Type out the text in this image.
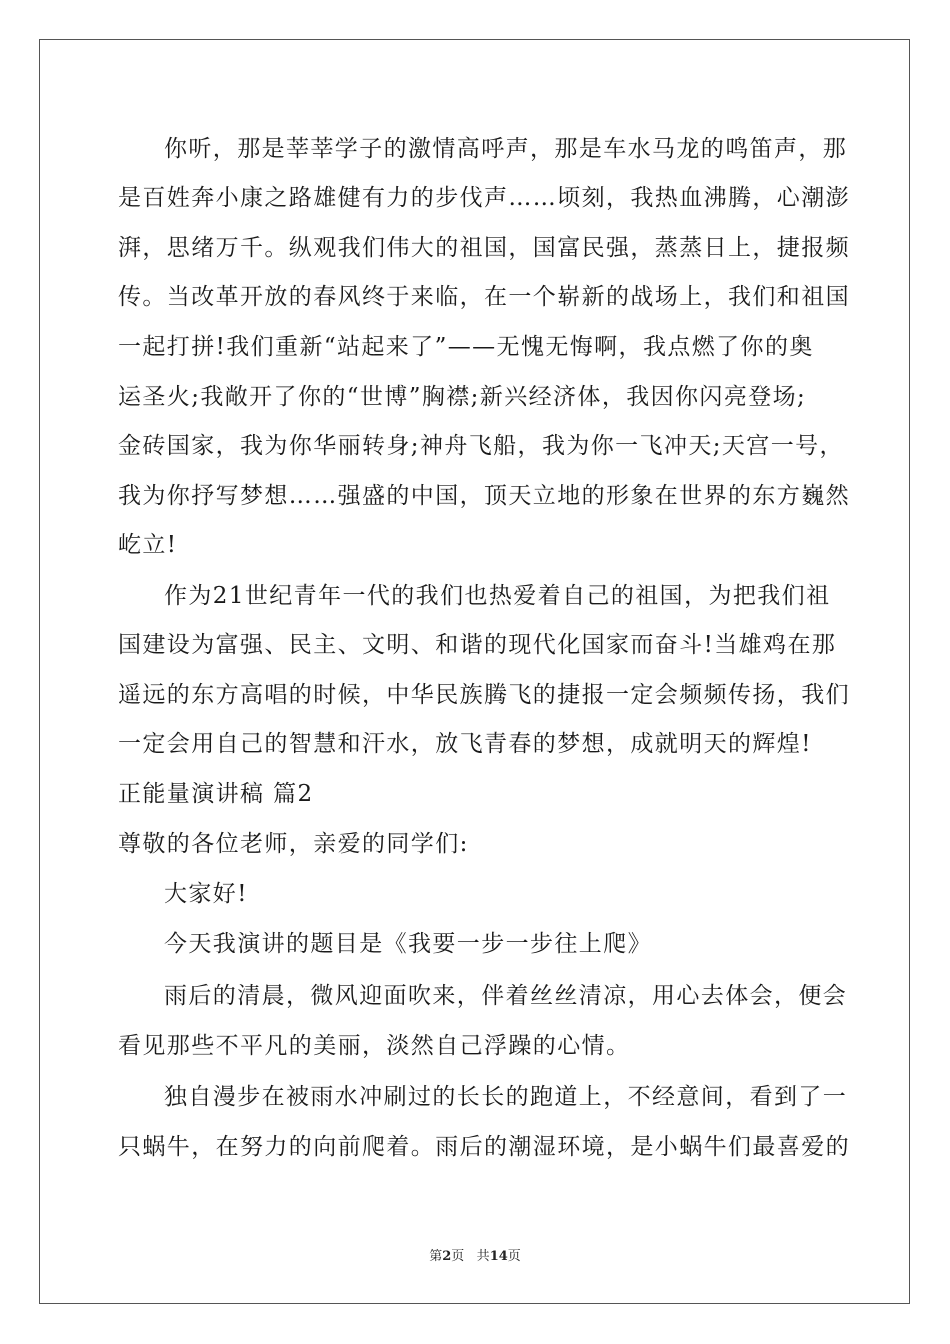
你听，那是莘莘学子的激情高呼声，那是车水马龙的鸣笛声，那
是百姓奔小康之路雄健有力的步伐声……顷刻，我热血沸腾，心潮澎
湃，思绪万千。纵观我们伟大的祖国，国富民强，蒸蒸日上，捷报频
传。当改革开放的春风终于来临，在一个崭新的战场上，我们和祖国
一起打拼!我们重新“站起来了”——无愧无悔啊，我点燃了你的奥
运圣火;我敞开了你的“世博”胸襟;新兴经济体，我因你闪亮登场;
金砖国家，我为你华丽转身;神舟飞船，我为你一飞冲天;天宫一号，
我为你抒写梦想……强盛的中国，顶天立地的形象在世界的东方巍然
屹立!
作为21世纪青年一代的我们也热爱着自己的祖国，为把我们祖
国建设为富强、民主、文明、和谐的现代化国家而奋斗!当雄鸡在那
遥远的东方高唱的时候，中华民族腾飞的捷报一定会频频传扬，我们
一定会用自己的智慧和汗水，放飞青春的梦想，成就明天的辉煌!
正能量演讲稿 篇2
尊敬的各位老师，亲爱的同学们:
大家好!
今天我演讲的题目是《我要一步一步往上爬》
雨后的清晨，微风迎面吹来，伴着丝丝清凉，用心去体会，便会
看见那些不平凡的美丽，淡然自己浮躁的心情。
独自漫步在被雨水冲刷过的长长的跑道上，不经意间，看到了一
只蜗牛，在努力的向前爬着。雨后的潮湿环境，是小蜗牛们最喜爱的
第2页 共14页
